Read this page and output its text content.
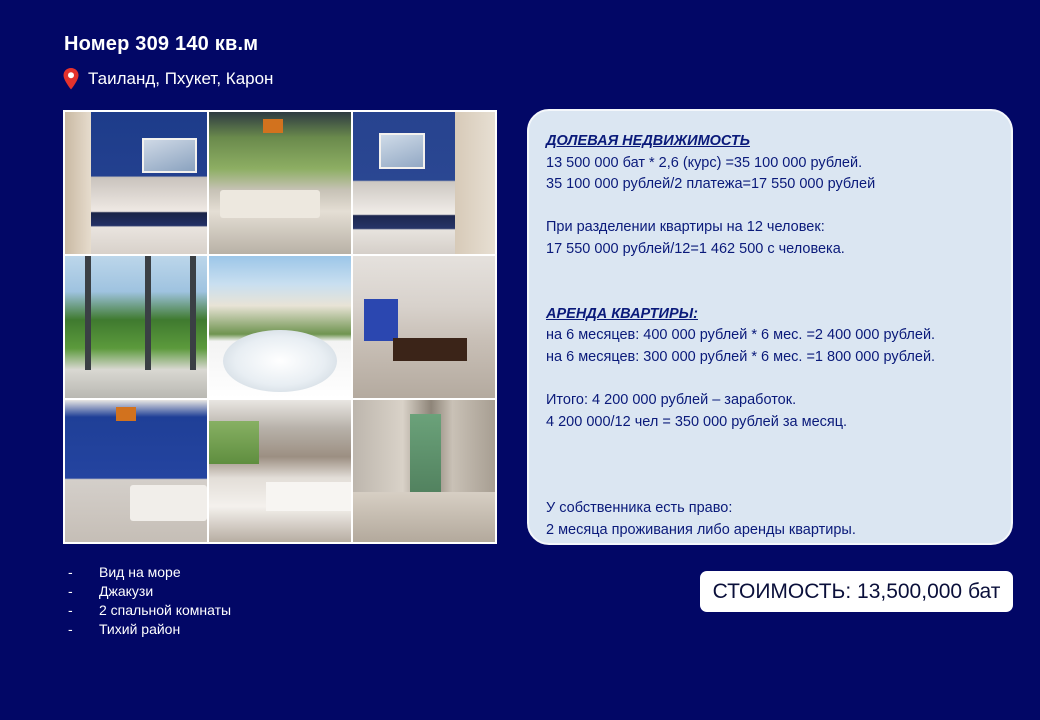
Номер 309 140 кв.м
Таиланд, Пхукет, Карон
ДОЛЕВАЯ НЕДВИЖИМОСТЬ
13 500 000 бат * 2,6 (курс) =35 100 000 рублей.
35 100 000 рублей/2 платежа=17 550 000 рублей
При разделении квартиры на 12 человек:
17 550 000 рублей/12=1 462 500 с человека.
АРЕНДА КВАРТИРЫ:
на 6 месяцев: 400 000 рублей * 6 мес. =2 400 000 рублей.
на 6 месяцев: 300 000 рублей * 6 мес. =1 800 000 рублей.
Итого: 4 200 000 рублей – заработок.
4 200 000/12 чел = 350 000 рублей за месяц.
У собственника есть право:
2 месяца проживания либо аренды квартиры.
-	Вид на море
-	Джакузи
-	2 спальной комнаты
-	Тихий район
СТОИМОСТЬ: 13,500,000 бат
